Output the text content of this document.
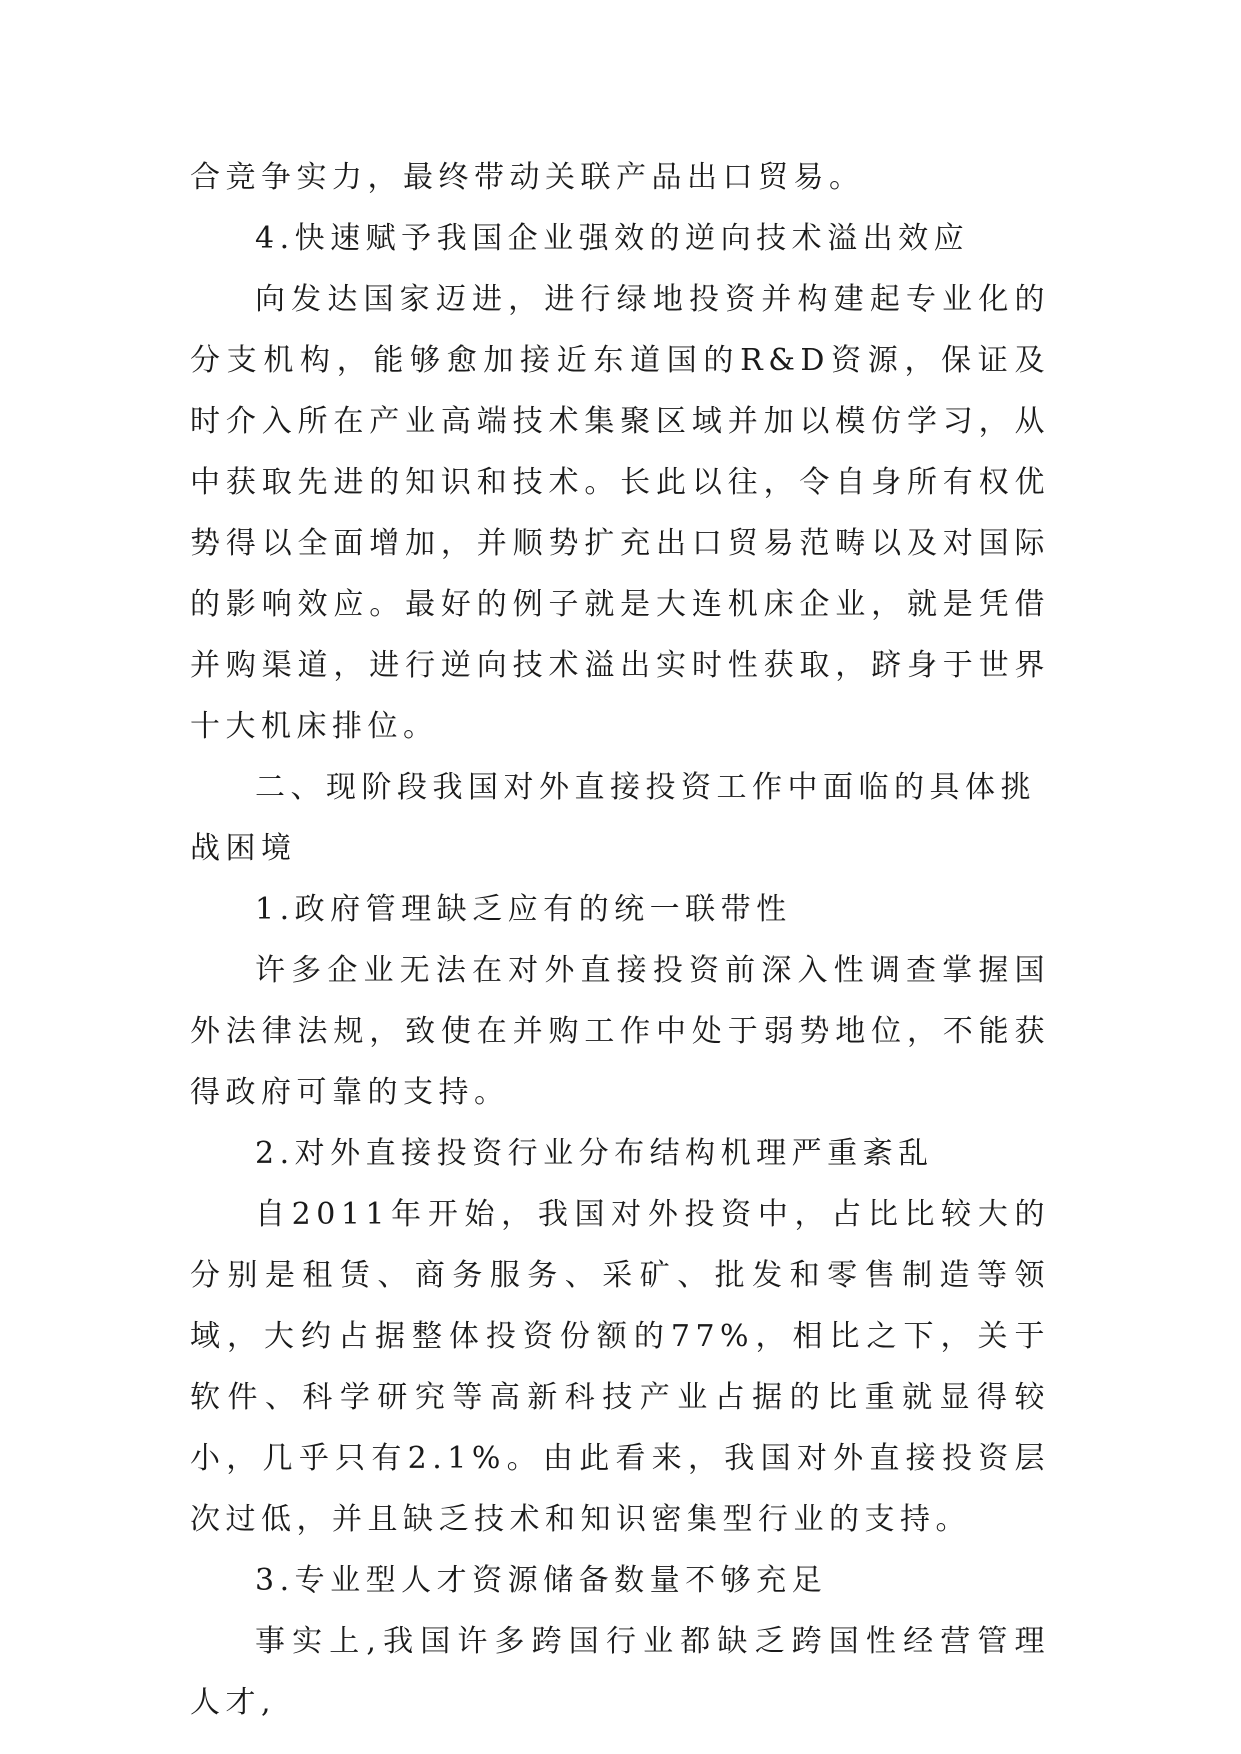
合竞争实力，最终带动关联产品出口贸易。

4.快速赋予我国企业强效的逆向技术溢出效应

向发达国家迈进，进行绿地投资并构建起专业化的分支机构，能够愈加接近东道国的R&D资源，保证及时介入所在产业高端技术集聚区域并加以模仿学习，从中获取先进的知识和技术。长此以往，令自身所有权优势得以全面增加，并顺势扩充出口贸易范畴以及对国际的影响效应。最好的例子就是大连机床企业，就是凭借并购渠道，进行逆向技术溢出实时性获取，跻身于世界十大机床排位。

二、现阶段我国对外直接投资工作中面临的具体挑战困境

1.政府管理缺乏应有的统一联带性

许多企业无法在对外直接投资前深入性调查掌握国外法律法规，致使在并购工作中处于弱势地位，不能获得政府可靠的支持。

2.对外直接投资行业分布结构机理严重紊乱

自2011年开始，我国对外投资中，占比比较大的分别是租赁、商务服务、采矿、批发和零售制造等领域，大约占据整体投资份额的77%，相比之下，关于软件、科学研究等高新科技产业占据的比重就显得较小，几乎只有2.1%。由此看来，我国对外直接投资层次过低，并且缺乏技术和知识密集型行业的支持。

3.专业型人才资源储备数量不够充足

事实上,我国许多跨国行业都缺乏跨国性经营管理人才,
